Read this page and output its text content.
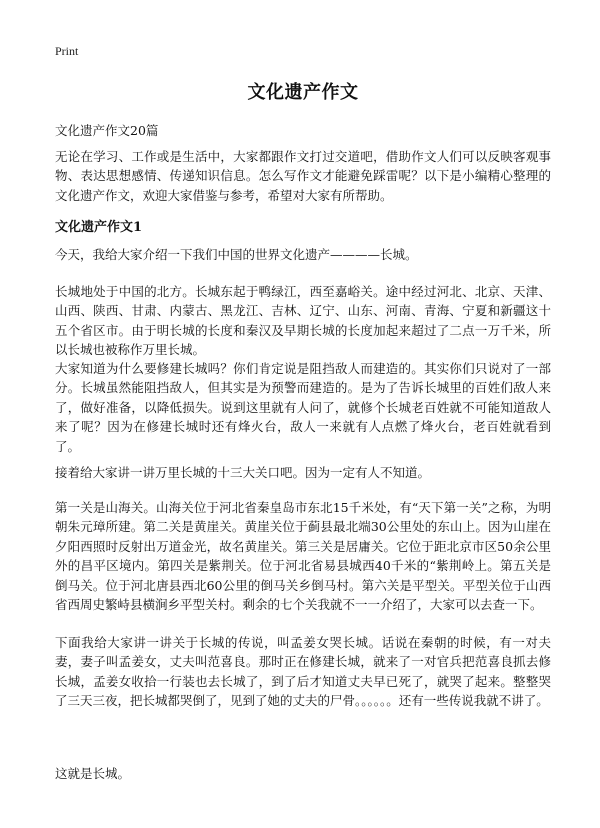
Print
文化遗产作文
文化遗产作文20篇

无论在学习、工作或是生活中，大家都跟作文打过交道吧，借助作文人们可以反映客观事物、表达思想感情、传递知识信息。怎么写作文才能避免踩雷呢？以下是小编精心整理的文化遗产作文，欢迎大家借鉴与参考，希望对大家有所帮助。

文化遗产作文1

今天，我给大家介绍一下我们中国的世界文化遗产————长城。

长城地处于中国的北方。长城东起于鸭绿江，西至嘉峪关。途中经过河北、北京、天津、山西、陕西、甘肃、内蒙古、黑龙江、吉林、辽宁、山东、河南、青海、宁夏和新疆这十五个省区市。由于明长城的长度和秦汉及早期长城的长度加起来超过了二点一万千米，所以长城也被称作万里长城。

大家知道为什么要修建长城吗？你们肯定说是阻挡敌人而建造的。其实你们只说对了一部分。长城虽然能阻挡敌人，但其实是为预警而建造的。是为了告诉长城里的百姓们敌人来了，做好准备，以降低损失。说到这里就有人问了，就修个长城老百姓就不可能知道敌人来了呢？因为在修建长城时还有烽火台，敌人一来就有人点燃了烽火台，老百姓就看到了。

接着给大家讲一讲万里长城的十三大关口吧。因为一定有人不知道。

第一关是山海关。山海关位于河北省秦皇岛市东北15千米处，有“天下第一关”之称，为明朝朱元璋所建。第二关是黄崖关。黄崖关位于蓟县最北端30公里处的东山上。因为山崖在夕阳西照时反射出万道金光，故名黄崖关。第三关是居庸关。它位于距北京市区50余公里外的昌平区境内。第四关是紫荆关。位于河北省易县城西40千米的“紫荆岭上。第五关是倒马关。位于河北唐县西北60公里的倒马关乡倒马村。第六关是平型关。平型关位于山西省西周史繁峙县横涧乡平型关村。剩余的七个关我就不一一介绍了，大家可以去查一下。

下面我给大家讲一讲关于长城的传说，叫孟姜女哭长城。话说在秦朝的时候，有一对夫妻，妻子叫孟姜女，丈夫叫范喜良。那时正在修建长城，就来了一对官兵把范喜良抓去修长城，孟姜女收拾一行装也去长城了，到了后才知道丈夫早已死了，就哭了起来。整整哭了三天三夜，把长城都哭倒了，见到了她的丈夫的尸骨。。。。。。还有一些传说我就不讲了。

这就是长城。
